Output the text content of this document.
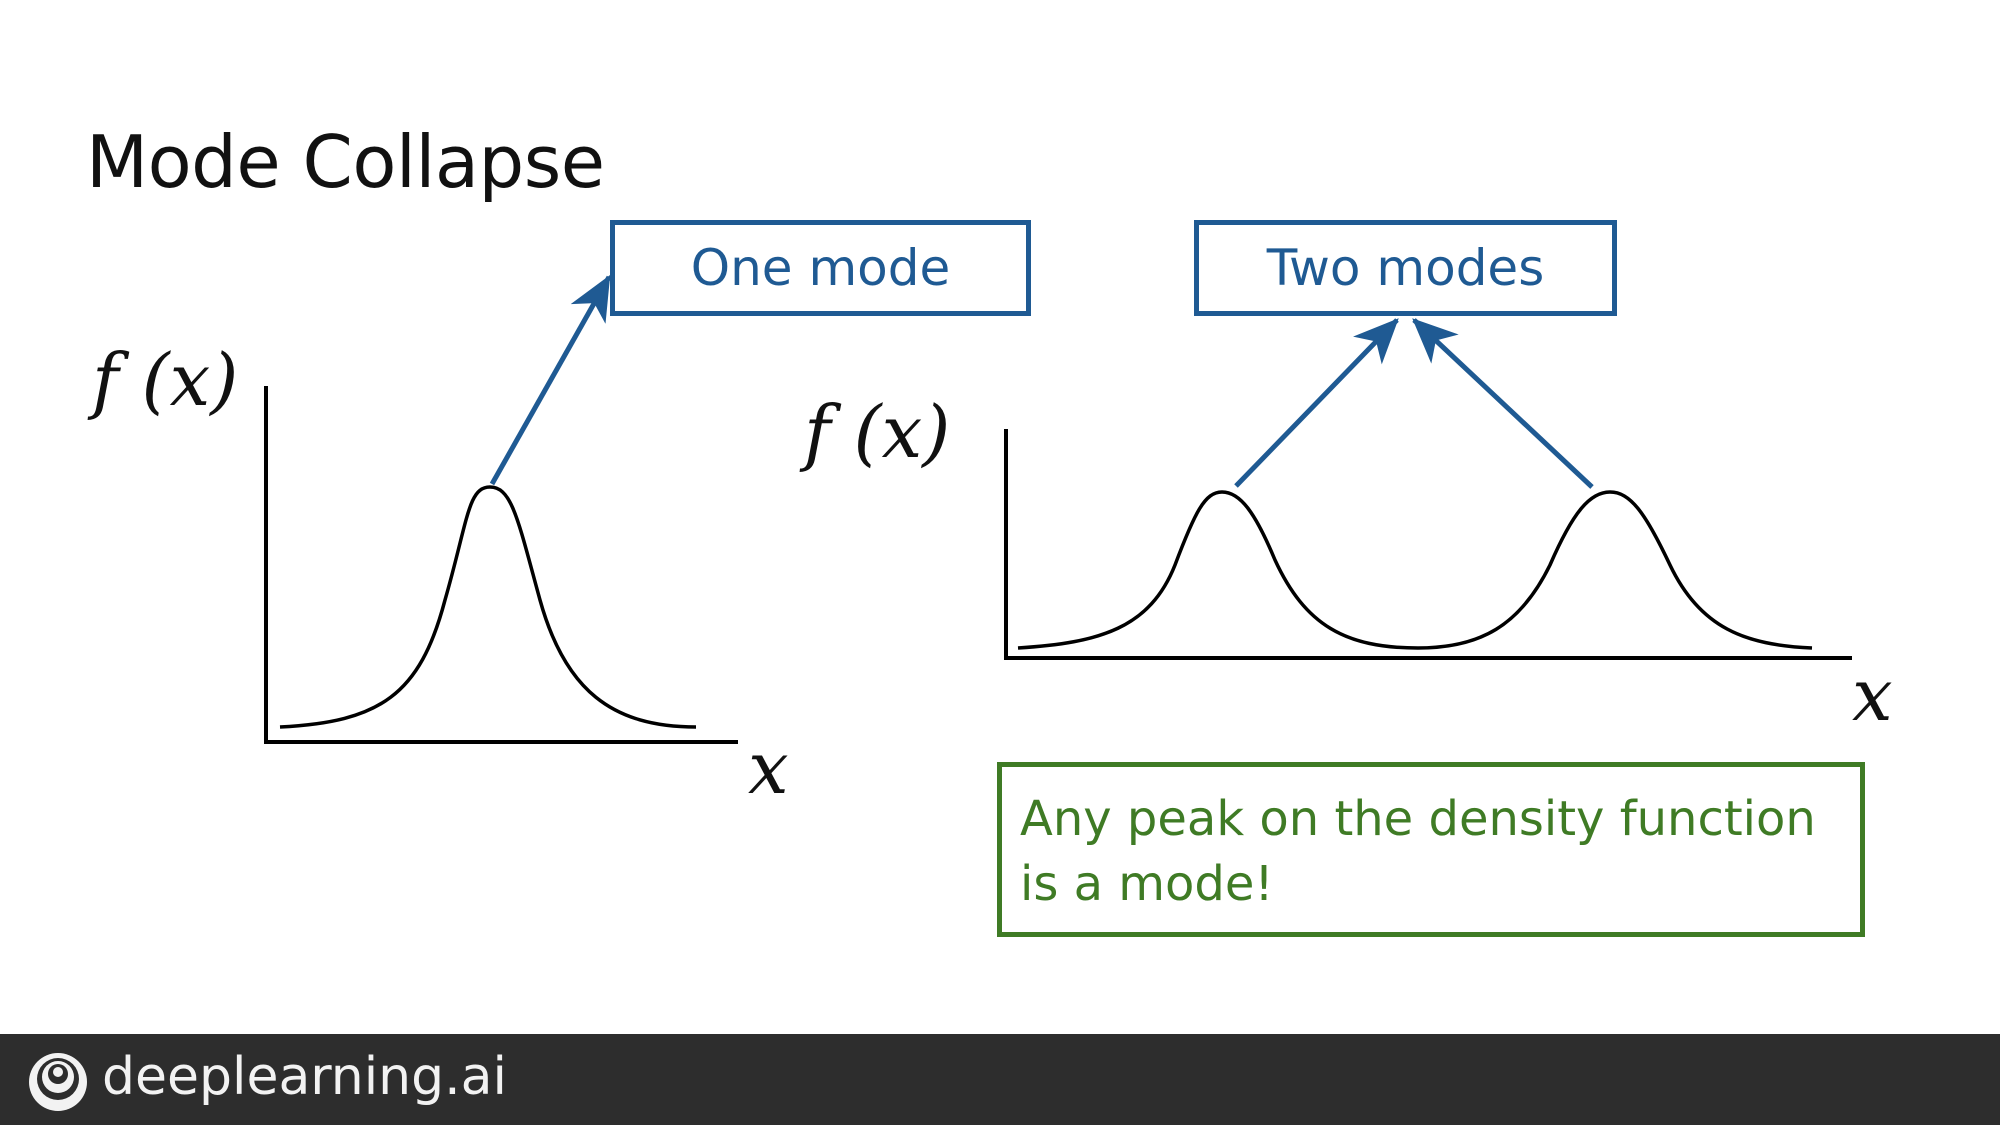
Mode Collapse
f (x)
x
f (x)
x
One mode	Two modes
Any peak on the density function
is a mode!
deeplearning.ai
